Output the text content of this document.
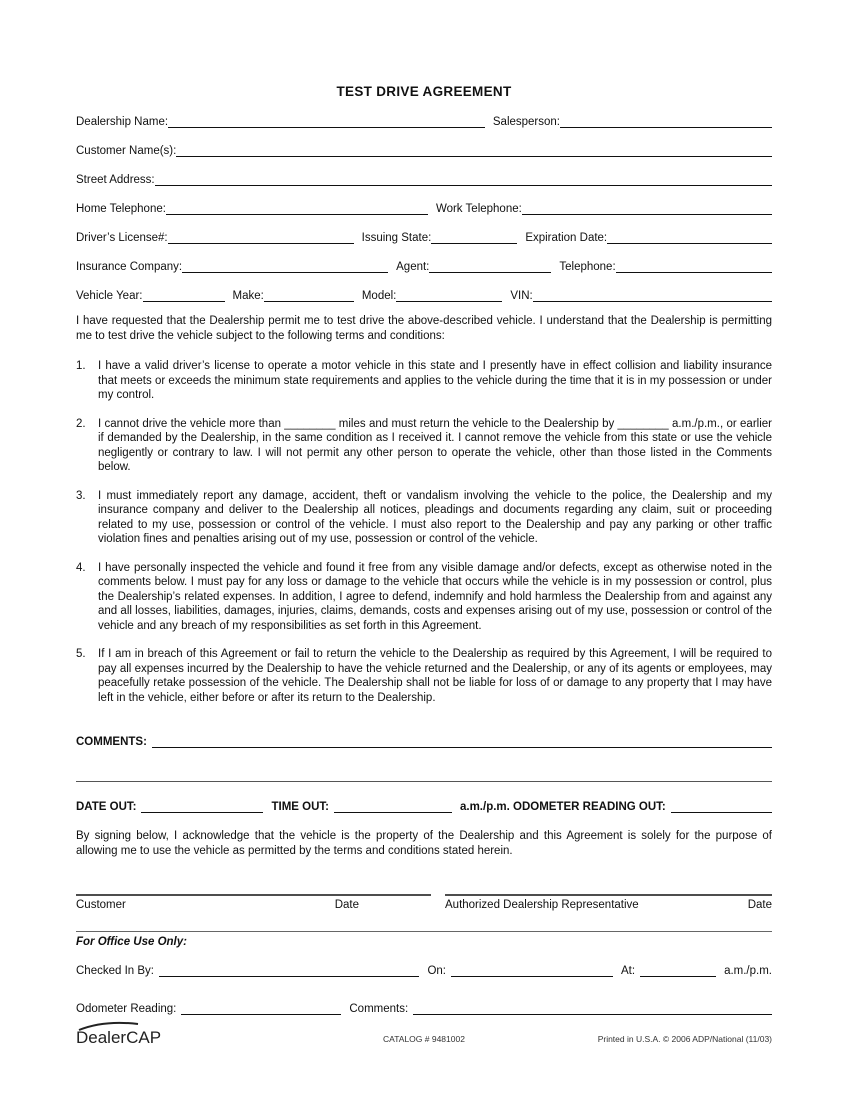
TEST DRIVE AGREEMENT
Dealership Name:	Salesperson:
Customer Name(s):
Street Address:
Home Telephone:	Work Telephone:
Driver’s License#:	Issuing State:	Expiration Date:
Insurance Company:	Agent:	Telephone:
Vehicle Year:	Make:	Model:	VIN:

I have requested that the Dealership permit me to test drive the above-described vehicle. I understand that the Dealership is permitting me to test drive the vehicle subject to the following terms and conditions:

1.	I have a valid driver’s license to operate a motor vehicle in this state and I presently have in effect collision and liability insurance that meets or exceeds the minimum state requirements and applies to the vehicle during the time that it is in my possession or under my control.
2.	I cannot drive the vehicle more than ________ miles and must return the vehicle to the Dealership by ________ a.m./p.m., or earlier if demanded by the Dealership, in the same condition as I received it. I cannot remove the vehicle from this state or use the vehicle negligently or contrary to law. I will not permit any other person to operate the vehicle, other than those listed in the Comments below.
3.	I must immediately report any damage, accident, theft or vandalism involving the vehicle to the police, the Dealership and my insurance company and deliver to the Dealership all notices, pleadings and documents regarding any claim, suit or proceeding related to my use, possession or control of the vehicle. I must also report to the Dealership and pay any parking or other traffic violation fines and penalties arising out of my use, possession or control of the vehicle.
4.	I have personally inspected the vehicle and found it free from any visible damage and/or defects, except as otherwise noted in the comments below. I must pay for any loss or damage to the vehicle that occurs while the vehicle is in my possession or control, plus the Dealership’s related expenses. In addition, I agree to defend, indemnify and hold harmless the Dealership from and against any and all losses, liabilities, damages, injuries, claims, demands, costs and expenses arising out of my use, possession or control of the vehicle and any breach of my responsibilities as set forth in this Agreement.
5.	If I am in breach of this Agreement or fail to return the vehicle to the Dealership as required by this Agreement, I will be required to pay all expenses incurred by the Dealership to have the vehicle returned and the Dealership, or any of its agents or employees, may peacefully retake possession of the vehicle. The Dealership shall not be liable for loss of or damage to any property that I may have left in the vehicle, either before or after its return to the Dealership.
COMMENTS:
DATE OUT:	TIME OUT:	a.m./p.m. ODOMETER READING OUT:

By signing below, I acknowledge that the vehicle is the property of the Dealership and this Agreement is solely for the purpose of allowing me to use the vehicle as permitted by the terms and conditions stated herein.

Customer	Date	Authorized Dealership Representative	Date
For Office Use Only:
Checked In By:	On:	At:	a.m./p.m.
Odometer Reading:	Comments:
DealerCAP	CATALOG # 9481002	Printed in U.S.A. © 2006 ADP/National (11/03)
